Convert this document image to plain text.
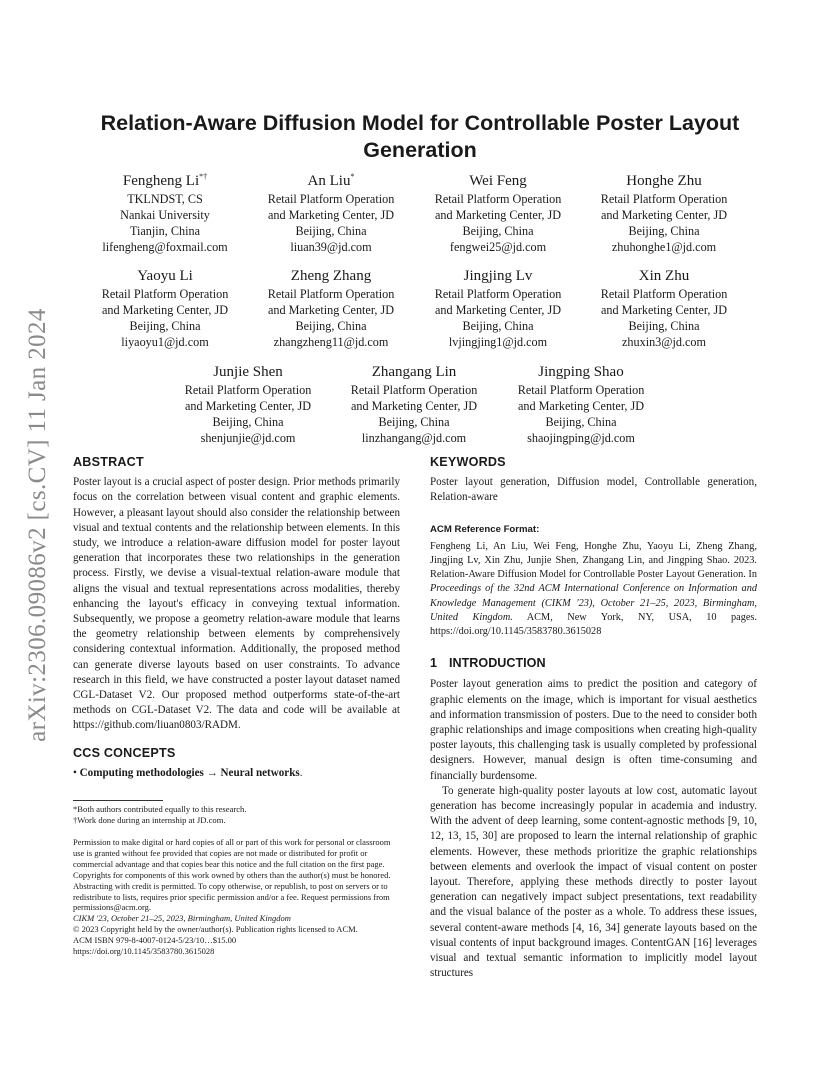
arXiv:2306.09086v2 [cs.CV] 11 Jan 2024
Relation-Aware Diffusion Model for Controllable Poster Layout Generation
Fengheng Li*†
TKLNDST, CS
Nankai University
Tianjin, China
lifengheng@foxmail.com
An Liu*
Retail Platform Operation
and Marketing Center, JD
Beijing, China
liuan39@jd.com
Wei Feng
Retail Platform Operation
and Marketing Center, JD
Beijing, China
fengwei25@jd.com
Honghe Zhu
Retail Platform Operation
and Marketing Center, JD
Beijing, China
zhuhonghe1@jd.com
Yaoyu Li
Retail Platform Operation
and Marketing Center, JD
Beijing, China
liyaoyu1@jd.com
Zheng Zhang
Retail Platform Operation
and Marketing Center, JD
Beijing, China
zhangzheng11@jd.com
Jingjing Lv
Retail Platform Operation
and Marketing Center, JD
Beijing, China
lvjingjing1@jd.com
Xin Zhu
Retail Platform Operation
and Marketing Center, JD
Beijing, China
zhuxin3@jd.com
Junjie Shen
Retail Platform Operation
and Marketing Center, JD
Beijing, China
shenjunjie@jd.com
Zhangang Lin
Retail Platform Operation
and Marketing Center, JD
Beijing, China
linzhangang@jd.com
Jingping Shao
Retail Platform Operation
and Marketing Center, JD
Beijing, China
shaojingping@jd.com
ABSTRACT

Poster layout is a crucial aspect of poster design. Prior methods primarily focus on the correlation between visual content and graphic elements. However, a pleasant layout should also consider the relationship between visual and textual contents and the relationship between elements. In this study, we introduce a relation-aware diffusion model for poster layout generation that incorporates these two relationships in the generation process. Firstly, we devise a visual-textual relation-aware module that aligns the visual and textual representations across modalities, thereby enhancing the layout's efficacy in conveying textual information. Subsequently, we propose a geometry relation-aware module that learns the geometry relationship between elements by comprehensively considering contextual information. Additionally, the proposed method can generate diverse layouts based on user constraints. To advance research in this field, we have constructed a poster layout dataset named CGL-Dataset V2. Our proposed method outperforms state-of-the-art methods on CGL-Dataset V2. The data and code will be available at https://github.com/liuan0803/RADM.

CCS CONCEPTS
• Computing methodologies → Neural networks.
*Both authors contributed equally to this research.
†Work done during an internship at JD.com.
Permission to make digital or hard copies of all or part of this work for personal or classroom use is granted without fee provided that copies are not made or distributed for profit or commercial advantage and that copies bear this notice and the full citation on the first page. Copyrights for components of this work owned by others than the author(s) must be honored. Abstracting with credit is permitted. To copy otherwise, or republish, to post on servers or to redistribute to lists, requires prior specific permission and/or a fee. Request permissions from permissions@acm.org.
CIKM '23, October 21–25, 2023, Birmingham, United Kingdom
© 2023 Copyright held by the owner/author(s). Publication rights licensed to ACM.
ACM ISBN 979-8-4007-0124-5/23/10…$15.00
https://doi.org/10.1145/3583780.3615028
KEYWORDS

Poster layout generation, Diffusion model, Controllable generation, Relation-aware

ACM Reference Format:

Fengheng Li, An Liu, Wei Feng, Honghe Zhu, Yaoyu Li, Zheng Zhang, Jingjing Lv, Xin Zhu, Junjie Shen, Zhangang Lin, and Jingping Shao. 2023. Relation-Aware Diffusion Model for Controllable Poster Layout Generation. In Proceedings of the 32nd ACM International Conference on Information and Knowledge Management (CIKM '23), October 21–25, 2023, Birmingham, United Kingdom. ACM, New York, NY, USA, 10 pages. https://doi.org/10.1145/3583780.3615028

1 INTRODUCTION

Poster layout generation aims to predict the position and category of graphic elements on the image, which is important for visual aesthetics and information transmission of posters. Due to the need to consider both graphic relationships and image compositions when creating high-quality poster layouts, this challenging task is usually completed by professional designers. However, manual design is often time-consuming and financially burdensome.

To generate high-quality poster layouts at low cost, automatic layout generation has become increasingly popular in academia and industry. With the advent of deep learning, some content-agnostic methods [9, 10, 12, 13, 15, 30] are proposed to learn the internal relationship of graphic elements. However, these methods prioritize the graphic relationships between elements and overlook the impact of visual content on poster layout. Therefore, applying these methods directly to poster layout generation can negatively impact subject presentations, text readability and the visual balance of the poster as a whole. To address these issues, several content-aware methods [4, 16, 34] generate layouts based on the visual contents of input background images. ContentGAN [16] leverages visual and textual semantic information to implicitly model layout structures
